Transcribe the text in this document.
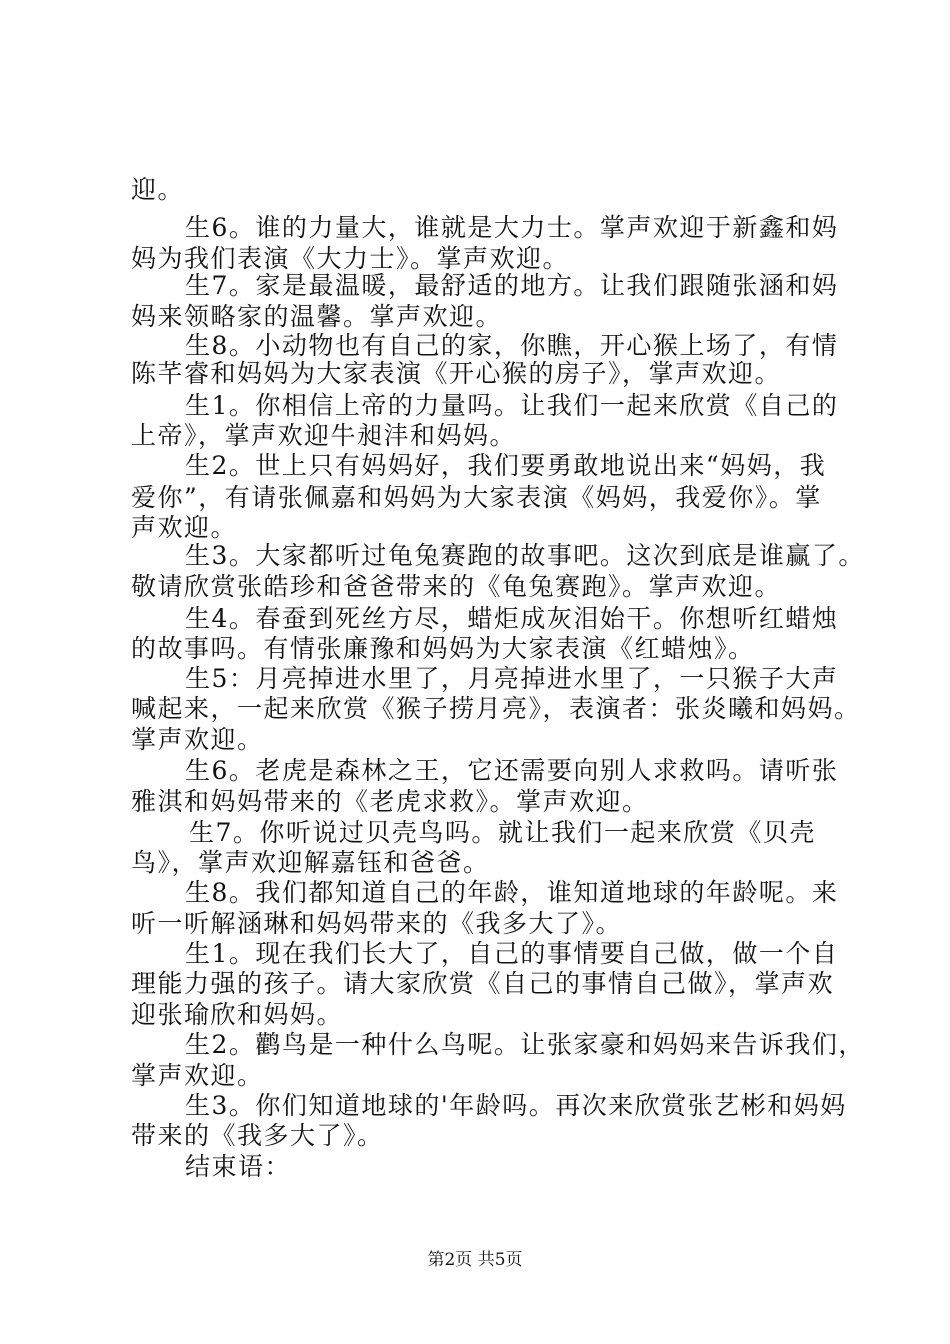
迎。
生6。谁的力量大，谁就是大力士。掌声欢迎于新鑫和妈
妈为我们表演《大力士》。掌声欢迎。
生7。家是最温暖，最舒适的地方。让我们跟随张涵和妈
妈来领略家的温馨。掌声欢迎。
生8。小动物也有自己的家，你瞧，开心猴上场了，有情
陈芊睿和妈妈为大家表演《开心猴的房子》，掌声欢迎。
生1。你相信上帝的力量吗。让我们一起来欣赏《自己的
上帝》，掌声欢迎牛昶沣和妈妈。
生2。世上只有妈妈好，我们要勇敢地说出来“妈妈，我
爱你”，有请张佩嘉和妈妈为大家表演《妈妈，我爱你》。掌
声欢迎。
生3。大家都听过龟兔赛跑的故事吧。这次到底是谁赢了。
敬请欣赏张皓珍和爸爸带来的《龟兔赛跑》。掌声欢迎。
生4。春蚕到死丝方尽，蜡炬成灰泪始干。你想听红蜡烛
的故事吗。有情张廉豫和妈妈为大家表演《红蜡烛》。
生5：月亮掉进水里了，月亮掉进水里了，一只猴子大声
喊起来，一起来欣赏《猴子捞月亮》，表演者：张炎曦和妈妈。
掌声欢迎。
生6。老虎是森林之王，它还需要向别人求救吗。请听张
雅淇和妈妈带来的《老虎求救》。掌声欢迎。
生7。你听说过贝壳鸟吗。就让我们一起来欣赏《贝壳
鸟》，掌声欢迎解嘉钰和爸爸。
生8。我们都知道自己的年龄，谁知道地球的年龄呢。来
听一听解涵琳和妈妈带来的《我多大了》。
生1。现在我们长大了，自己的事情要自己做，做一个自
理能力强的孩子。请大家欣赏《自己的事情自己做》，掌声欢
迎张瑜欣和妈妈。
生2。鹳鸟是一种什么鸟呢。让张家豪和妈妈来告诉我们，
掌声欢迎。
生3。你们知道地球的'年龄吗。再次来欣赏张艺彬和妈妈
带来的《我多大了》。
结束语：
第2页 共5页
